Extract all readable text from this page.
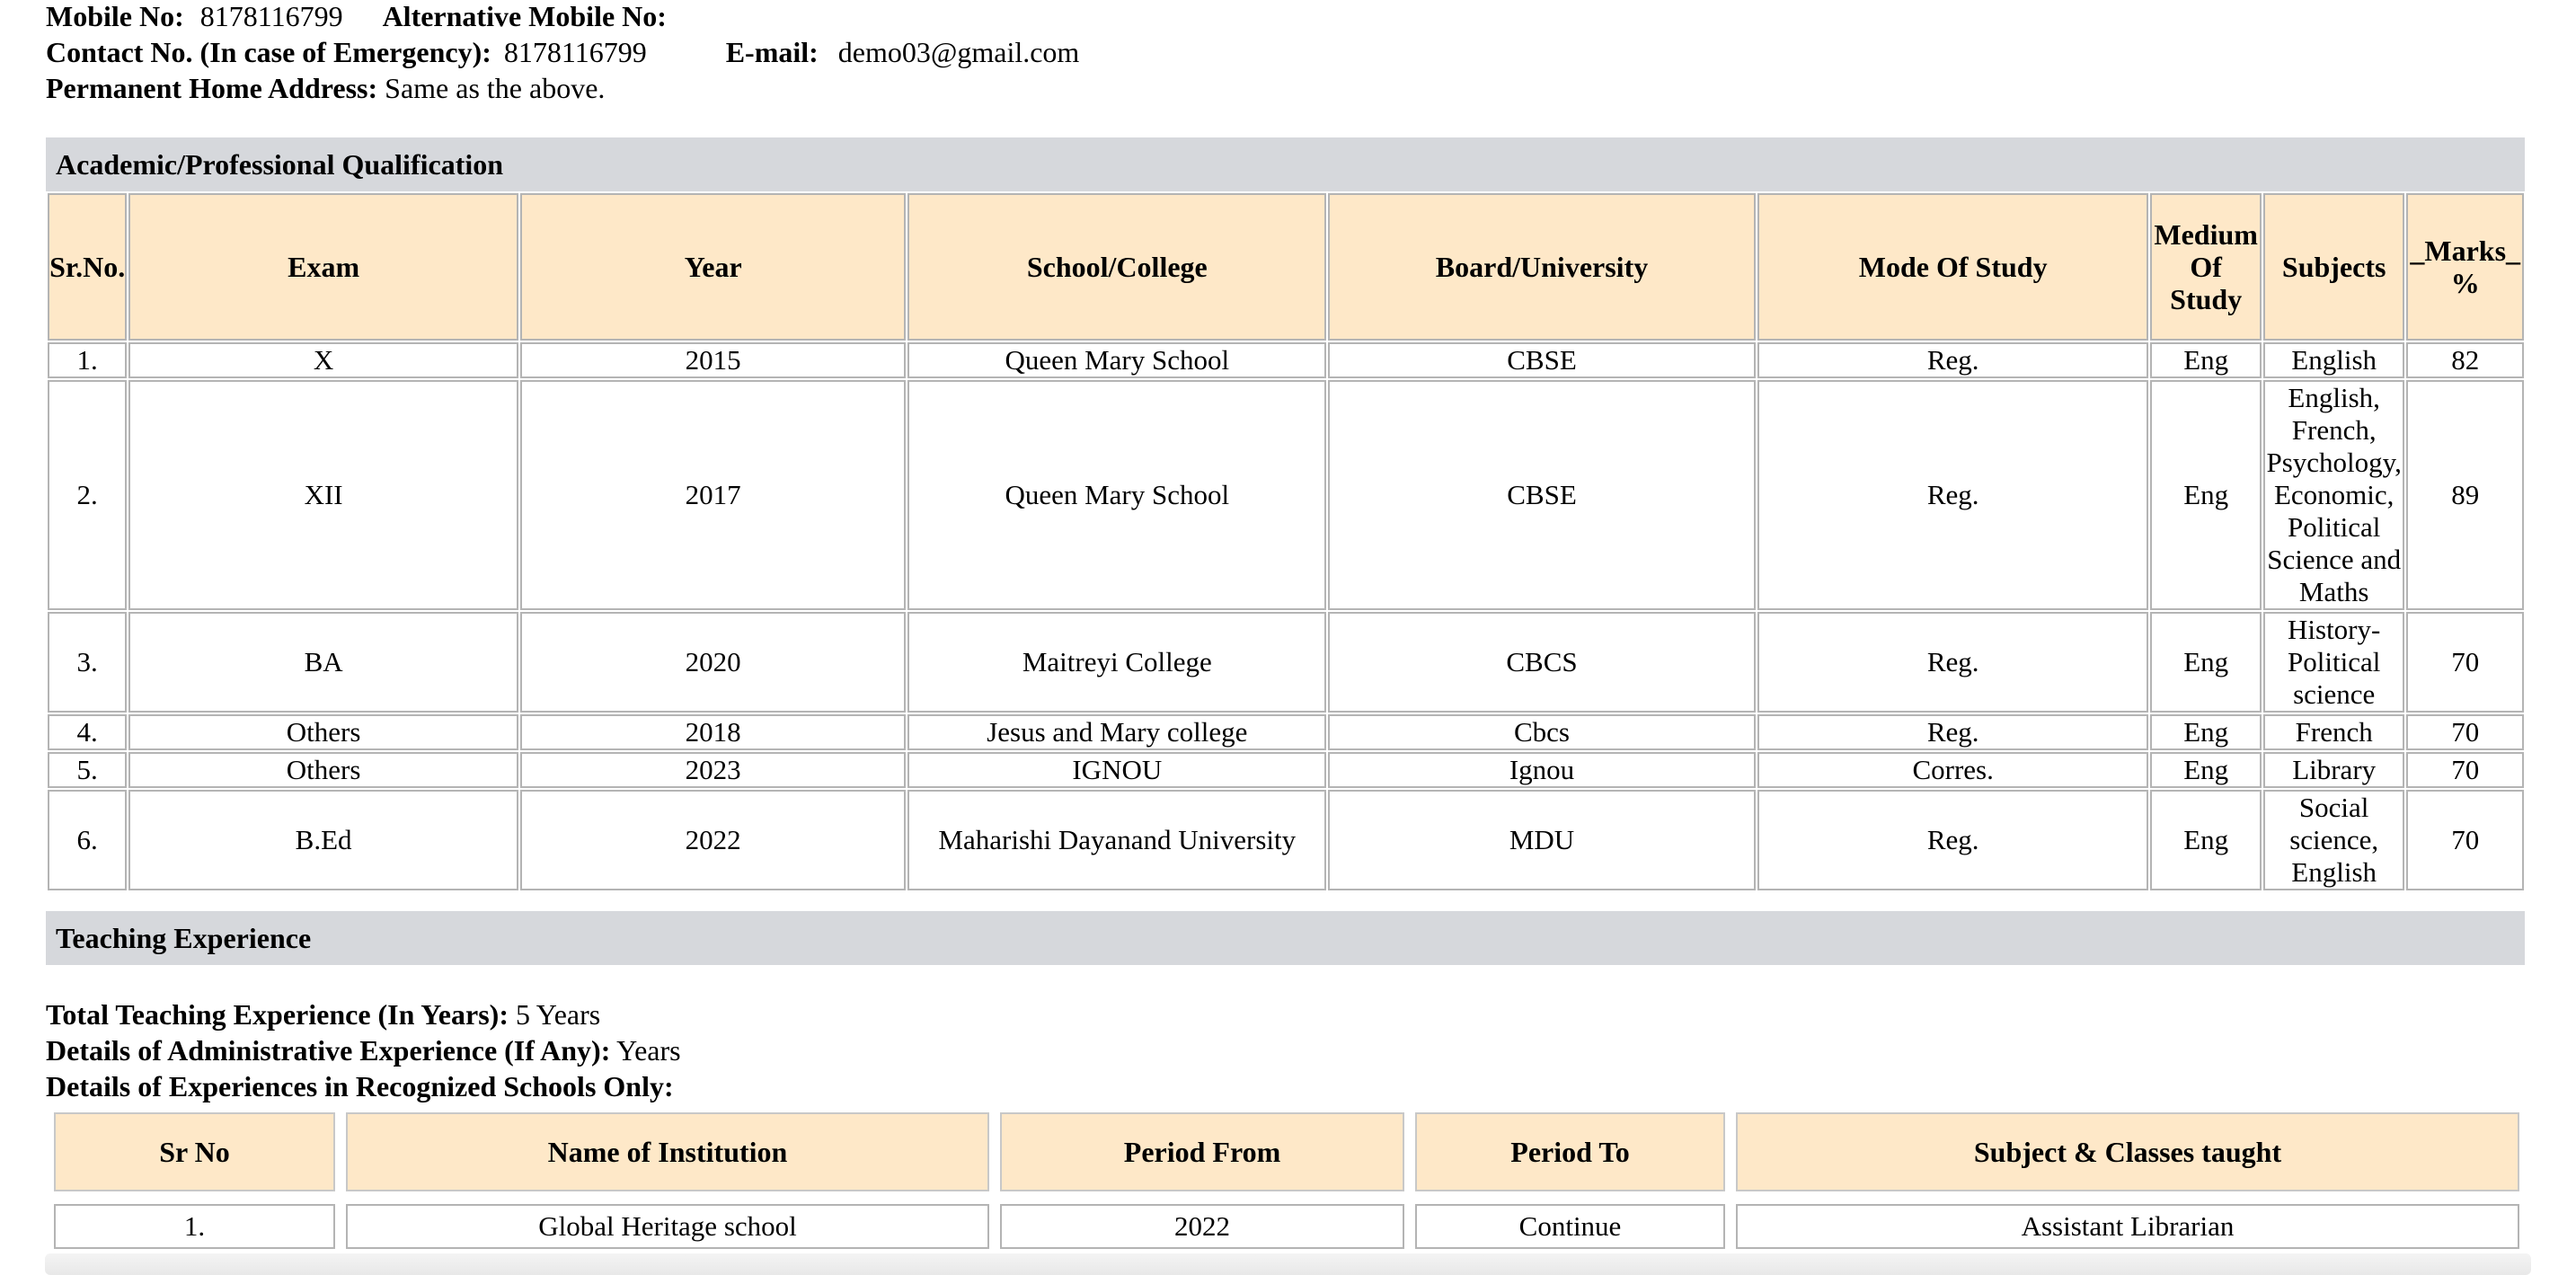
Mobile No: 8178116799 Alternative Mobile No:
Contact No. (In case of Emergency): 8178116799	E-mail: demo03@gmail.com
Permanent Home Address: Same as the above.
Academic/Professional Qualification
Sr.No.	Exam	Year	School/College	Board/University	Mode Of Study	Medium Of Study	Subjects	_Marks_ %
1.	X	2015	Queen Mary School	CBSE	Reg.	Eng	English	82
2.	XII	2017	Queen Mary School	CBSE	Reg.	Eng	English, French, Psychology, Economic, Political Science and Maths	89
3.	BA	2020	Maitreyi College	CBCS	Reg.	Eng	History-Political science	70
4.	Others	2018	Jesus and Mary college	Cbcs	Reg.	Eng	French	70
5.	Others	2023	IGNOU	Ignou	Corres.	Eng	Library	70
6.	B.Ed	2022	Maharishi Dayanand University	MDU	Reg.	Eng	Social science, English	70
Teaching Experience
Total Teaching Experience (In Years): 5 Years
Details of Administrative Experience (If Any): Years
Details of Experiences in Recognized Schools Only:
Sr No	Name of Institution	Period From	Period To	Subject & Classes taught

1.	Global Heritage school	2022	Continue	Assistant Librarian
